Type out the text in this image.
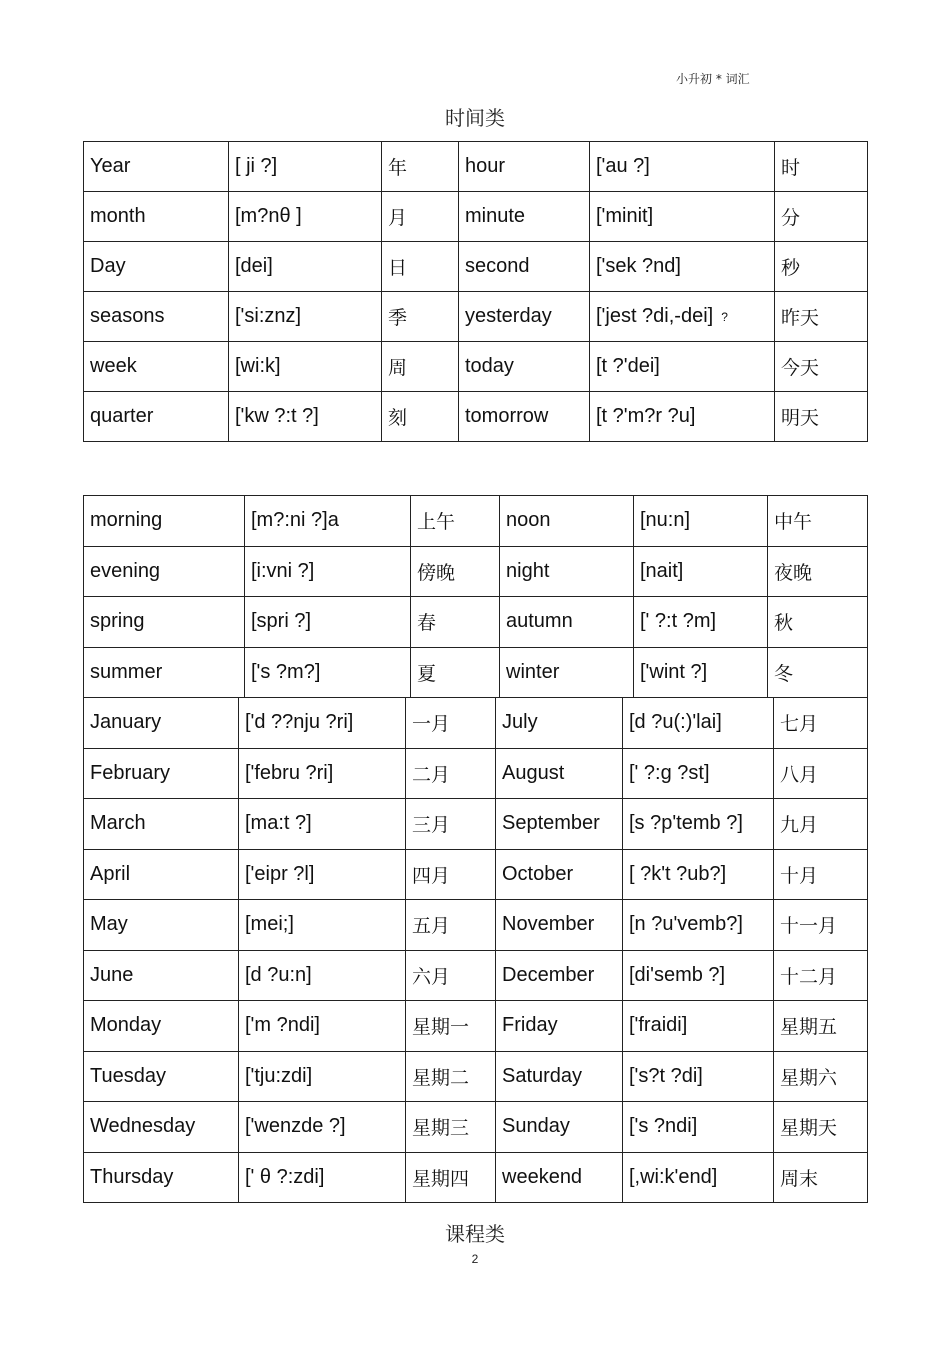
小升初 * 词汇
时间类
Year	[ ji ?]	年	hour	['au ?]	时
month	[m?nθ ]	月	minute	['minit]	分
Day	[dei]	日	second	['sek ?nd]	秒
seasons	['si:znz]	季	yesterday	['jest ?di,-dei] ?	昨天
week	[wi:k]	周	today	[t ?'dei]	今天
quarter	['kw ?:t ?]	刻	tomorrow	[t ?'m?r ?u]	明天
morning	[m?:ni ?]a	上午	noon	[nu:n]	中午
evening	[i:vni ?]	傍晚	night	[nait]	夜晚
spring	[spri ?]	春	autumn	[' ?:t ?m]	秋
summer	['s ?m?]	夏	winter	['wint ?]	冬
January	['d ??nju ?ri]	一月	July	[d ?u(:)'lai]	七月
February	['febru ?ri]	二月	August	[' ?:g ?st]	八月
March	[ma:t ?]	三月	September	[s ?p'temb ?]	九月
April	['eipr ?l]	四月	October	[ ?k't ?ub?]	十月
May	[mei;]	五月	November	[n ?u'vemb?]	十一月
June	[d ?u:n]	六月	December	[di'semb ?]	十二月
Monday	['m ?ndi]	星期一	Friday	['fraidi]	星期五
Tuesday	['tju:zdi]	星期二	Saturday	['s?t ?di]	星期六
Wednesday	['wenzde ?]	星期三	Sunday	['s ?ndi]	星期天
Thursday	[' θ ?:zdi]	星期四	weekend	[,wi:k'end]	周末
课程类
2
